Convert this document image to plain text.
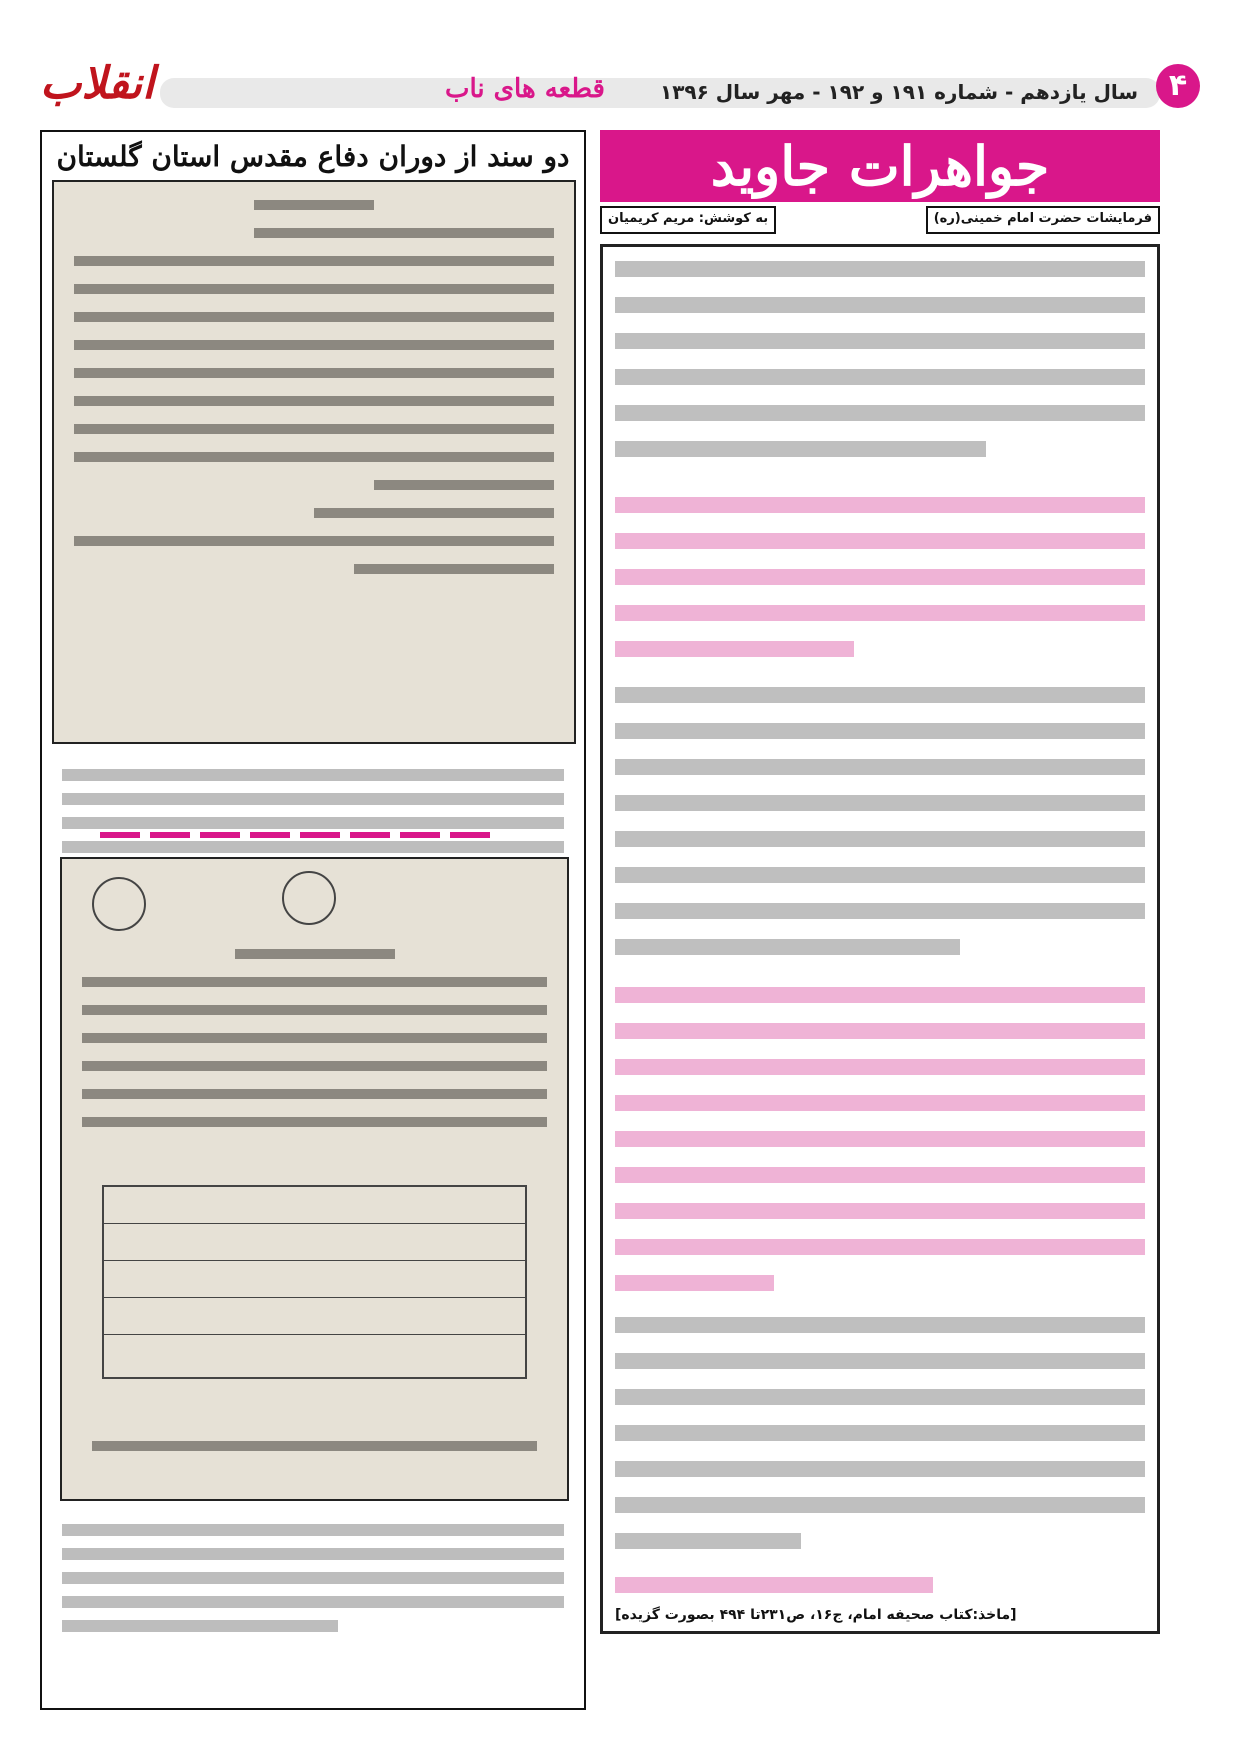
انقلاب	قطعه های ناب	سال یازدهم - شماره ۱۹۱ و ۱۹۲ - مهر سال ۱۳۹۶	۴
جواهرات جاوید
فرمایشات حضرت امام خمینی(ره)
به کوشش: مریم کریمیان
[ماخذ:کتاب صحیفه امام، ج۱۶، ص۲۳۱تا ۴۹۴ بصورت گزیده]
دو سند از دوران دفاع مقدس استان گلستان
